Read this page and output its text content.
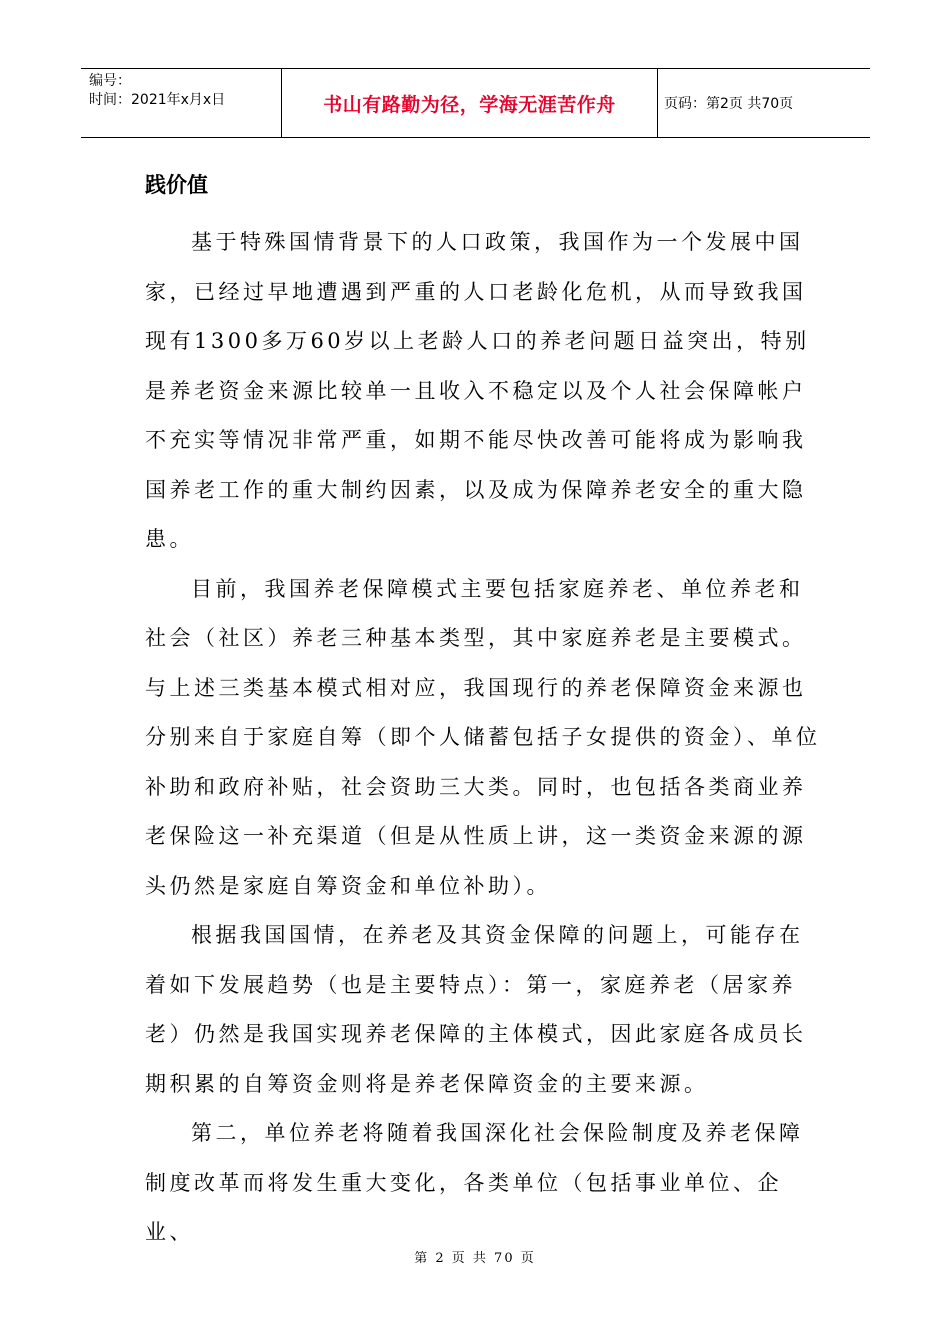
编号：
时间：2021年x月x日	书山有路勤为径，学海无涯苦作舟	页码：第2页 共70页
践价值

基于特殊国情背景下的人口政策，我国作为一个发展中国家，已经过早地遭遇到严重的人口老龄化危机，从而导致我国现有1300多万60岁以上老龄人口的养老问题日益突出，特别是养老资金来源比较单一且收入不稳定以及个人社会保障帐户不充实等情况非常严重，如期不能尽快改善可能将成为影响我国养老工作的重大制约因素，以及成为保障养老安全的重大隐患。

目前，我国养老保障模式主要包括家庭养老、单位养老和社会（社区）养老三种基本类型，其中家庭养老是主要模式。与上述三类基本模式相对应，我国现行的养老保障资金来源也分别来自于家庭自筹（即个人储蓄包括子女提供的资金）、单位补助和政府补贴，社会资助三大类。同时，也包括各类商业养老保险这一补充渠道（但是从性质上讲，这一类资金来源的源头仍然是家庭自筹资金和单位补助）。

根据我国国情，在养老及其资金保障的问题上，可能存在着如下发展趋势（也是主要特点）：第一，家庭养老（居家养老）仍然是我国实现养老保障的主体模式，因此家庭各成员长期积累的自筹资金则将是养老保障资金的主要来源。

第二，单位养老将随着我国深化社会保险制度及养老保障制度改革而将发生重大变化，各类单位（包括事业单位、企业、

第 2 页 共 70 页
